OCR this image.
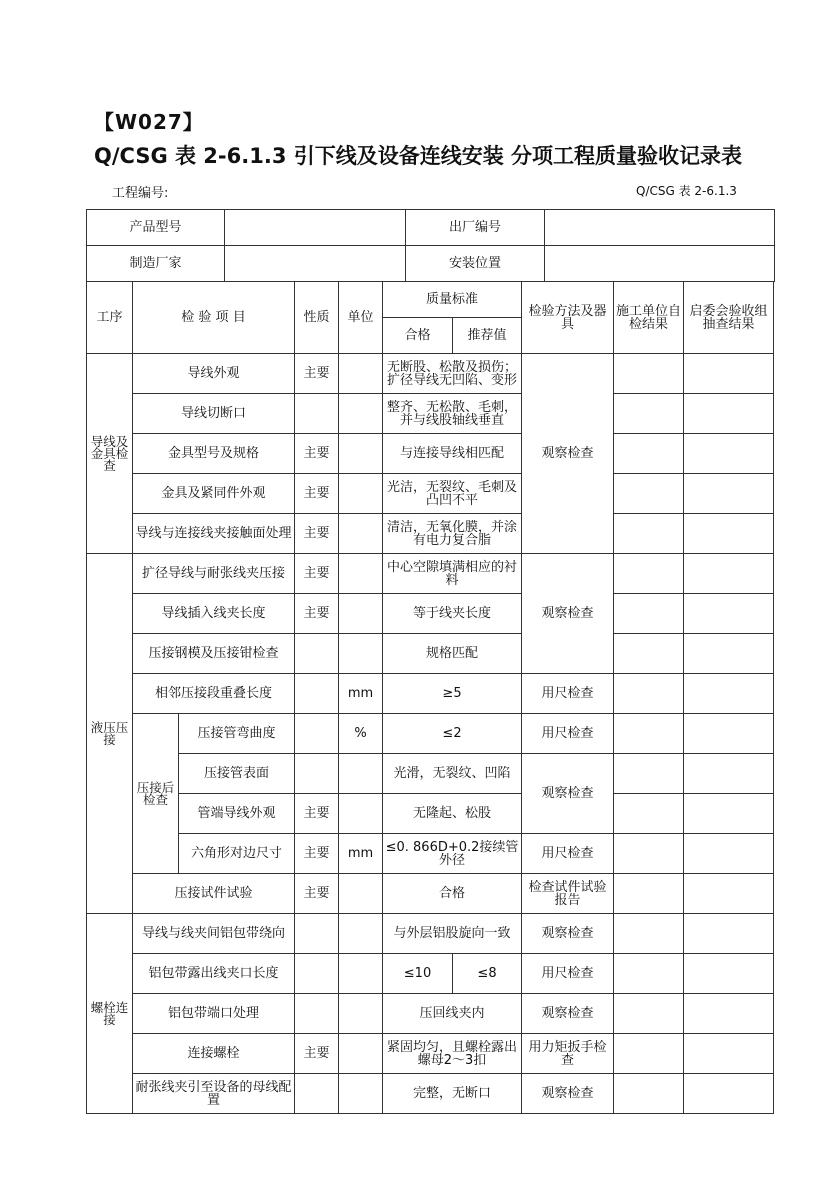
【W027】
Q/CSG 表 2-6.1.3 引下线及设备连线安装 分项工程质量验收记录表
工程编号:	Q/CSG 表 2-6.1.3
产品型号		出厂编号	
制造厂家		安装位置	
工序	检 验 项 目		性质	单位	质量标准		检验方法及器具	施工单位自检结果	启委会验收组抽查结果
					合格	推荐值			
导线及金具检查	导线外观		主要		无断股、松散及损伤；扩径导线无凹陷、变形		观察检查		
	导线切断口				整齐、无松散、毛刺，并与线股轴线垂直				
	金具型号及规格		主要		与连接导线相匹配				
	金具及紧同件外观		主要		光洁，无裂纹、毛刺及凸凹不平				
	导线与连接线夹接触面处理		主要		清洁，无氧化膜，并涂有电力复合脂				
液压压接	扩径导线与耐张线夹压接		主要		中心空隙填满相应的衬料		观察检查		
	导线插入线夹长度		主要		等于线夹长度				
	压接钢模及压接钳检查				规格匹配				
	相邻压接段重叠长度			mm	≥5		用尺检查		
	压接后检查	压接管弯曲度		%	≤2		用尺检查		
		压接管表面			光滑，无裂纹、凹陷		观察检查		
		管端导线外观	主要		无隆起、松股				
		六角形对边尺寸	主要	mm	≤0. 866D+0.2接续管外径		用尺检查		
	压接试件试验		主要		合格		检查试件试验报告		
螺栓连接	导线与线夹间铝包带绕向				与外层铝股旋向一致		观察检查		
	铝包带露出线夹口长度				≤10	≤8	用尺检查		
	铝包带端口处理				压回线夹内		观察检查		
	连接螺栓		主要		紧固均匀，且螺栓露出螺母2～3扣		用力矩扳手检查		
	耐张线夹引至设备的母线配置				完整，无断口		观察检查		
